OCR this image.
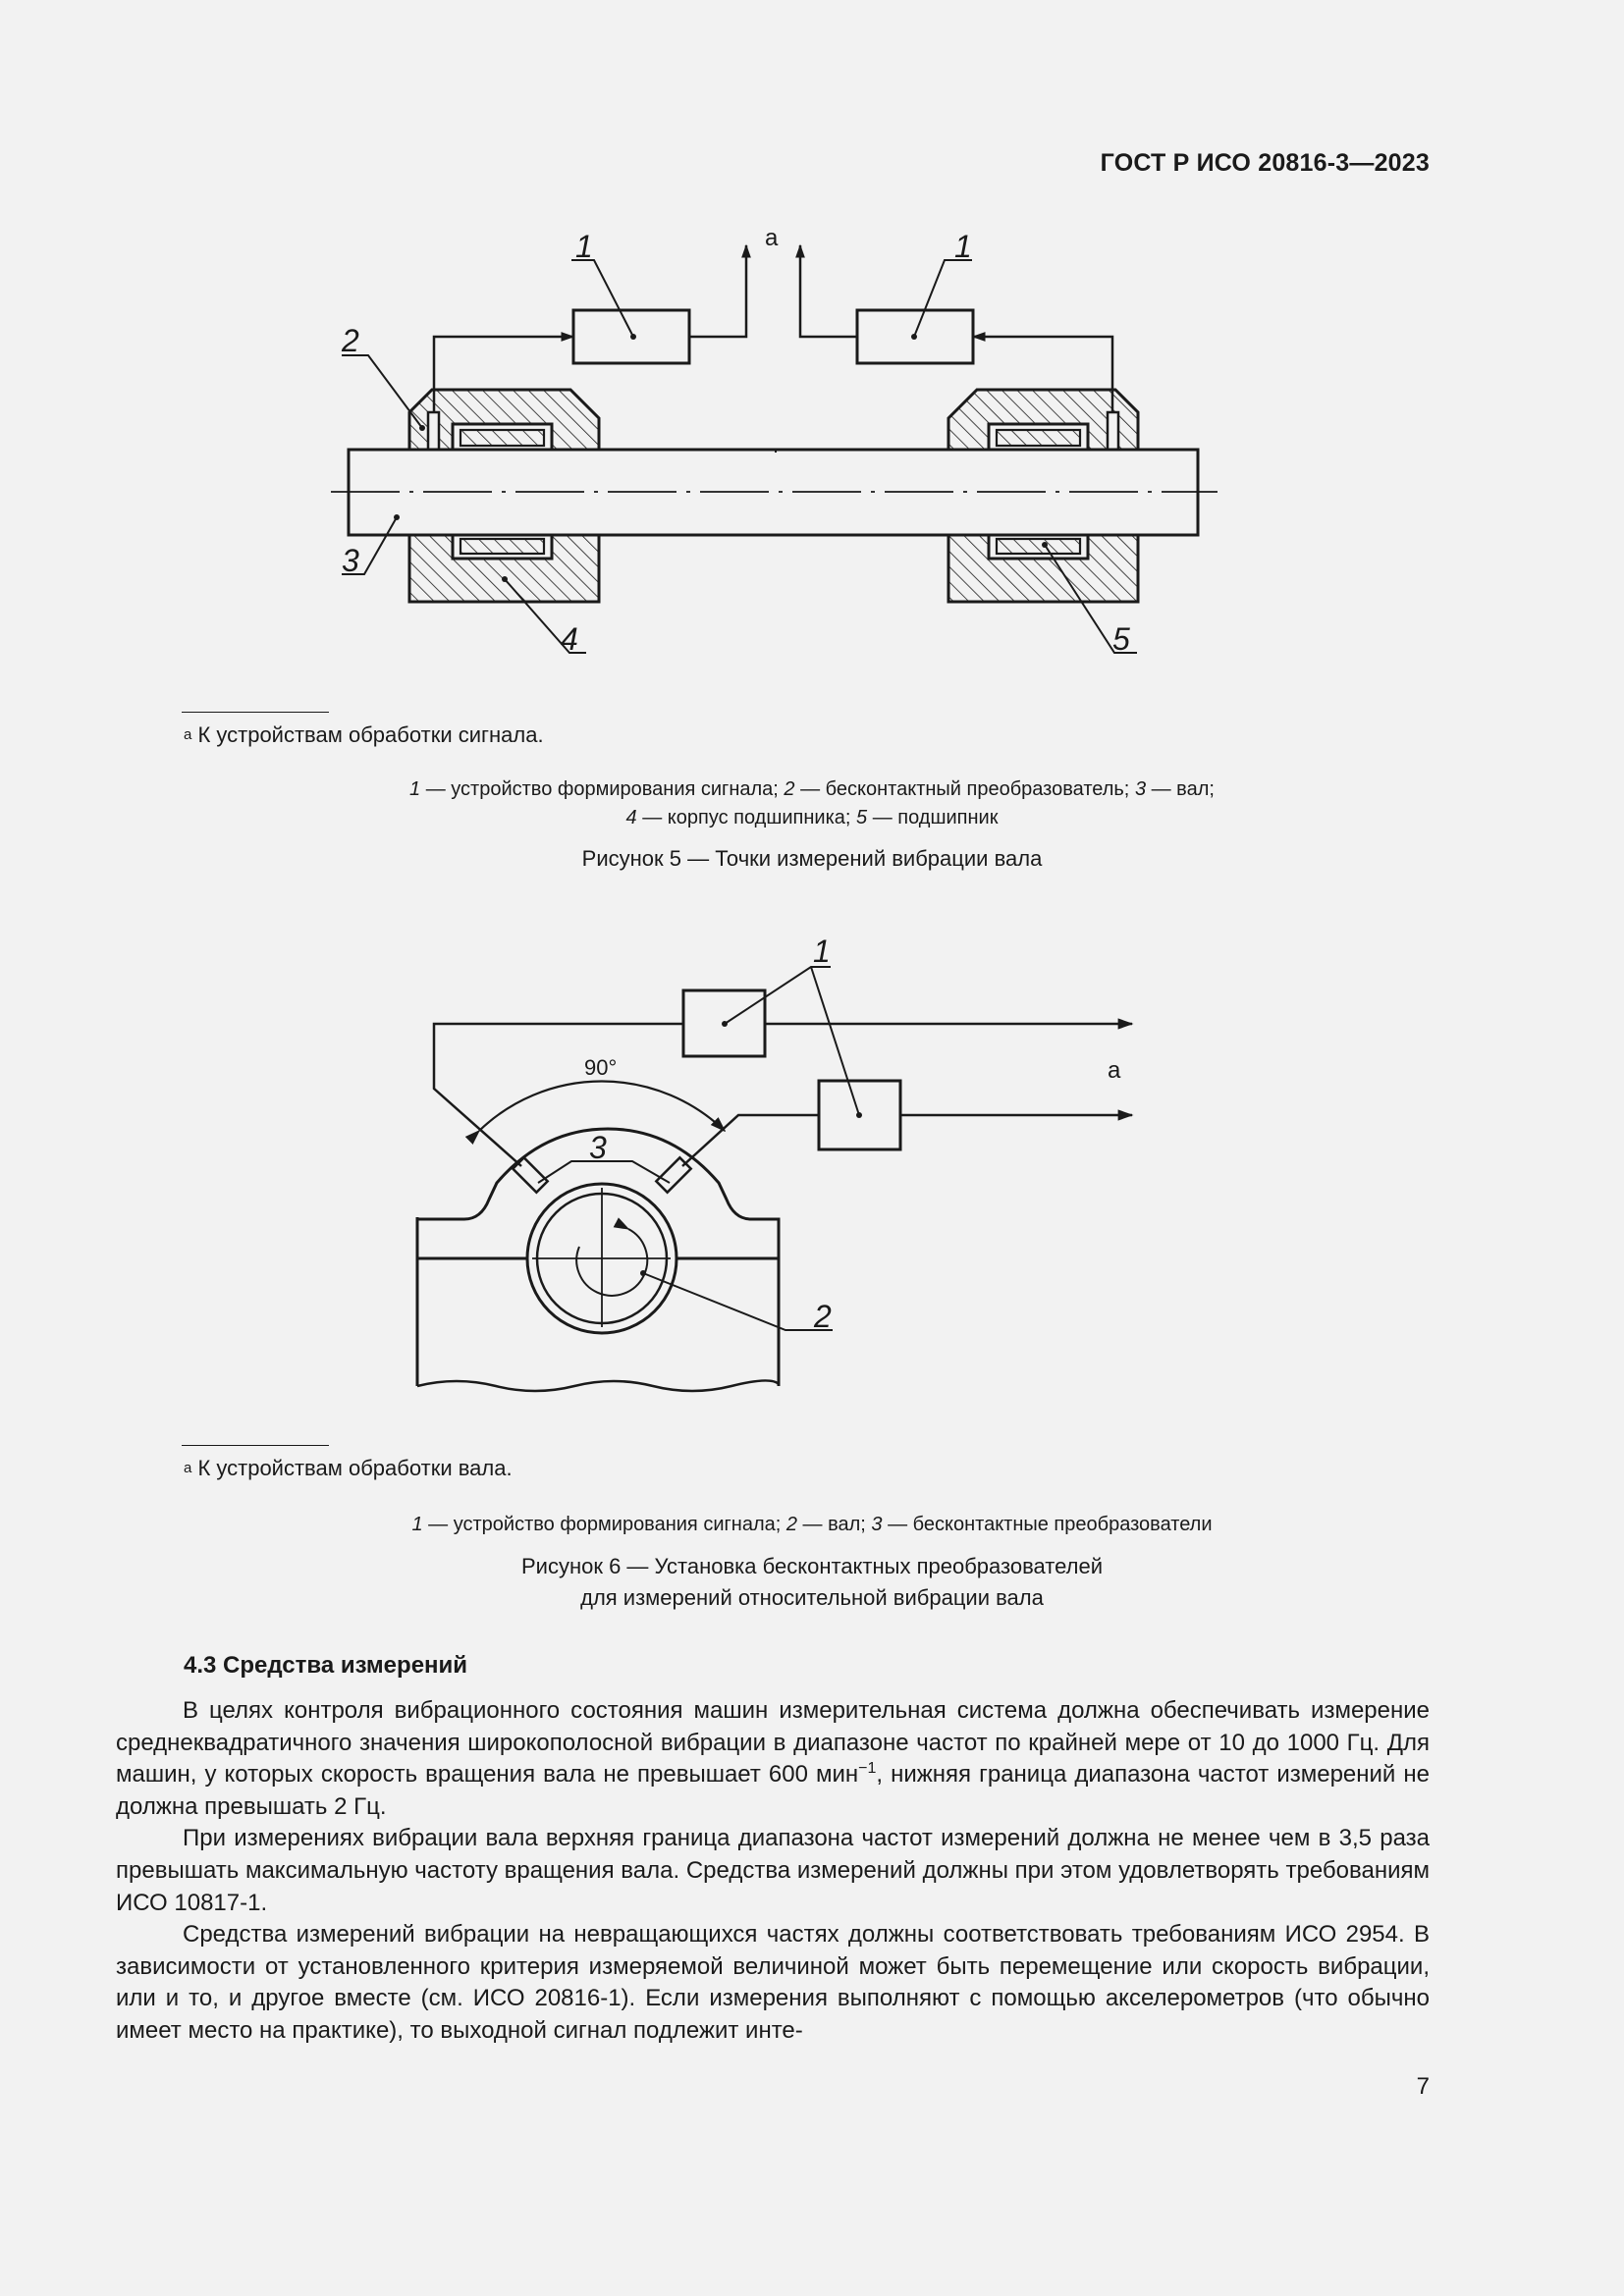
ГОСТ Р ИСО 20816-3—2023
1	1
2
3
4	5
a
$^a$ К устройствам обработки сигнала.
1 — устройство формирования сигнала; 2 — бесконтактный преобразователь; 3 — вал;
4 — корпус подшипника; 5 — подшипник
Рисунок 5 — Точки измерений вибрации вала
1
3
2
90°	a
$^a$ К устройствам обработки вала.
1 — устройство формирования сигнала; 2 — вал; 3 — бесконтактные преобразователи
Рисунок 6 — Установка бесконтактных преобразователей
для измерений относительной вибрации вала
4.3 Средства измерений

В целях контроля вибрационного состояния машин измерительная система должна обеспечивать измерение среднеквадратичного значения широкополосной вибрации в диапазоне частот по крайней мере от 10 до 1000 Гц. Для машин, у которых скорость вращения вала не превышает 600 мин$^{-1}$, нижняя граница диапазона частот измерений не должна превышать 2 Гц.

При измерениях вибрации вала верхняя граница диапазона частот измерений должна не менее чем в 3,5 раза превышать максимальную частоту вращения вала. Средства измерений должны при этом удовлетворять требованиям ИСО 10817-1.

Средства измерений вибрации на невращающихся частях должны соответствовать требованиям ИСО 2954. В зависимости от установленного критерия измеряемой величиной может быть перемещение или скорость вибрации, или и то, и другое вместе (см. ИСО 20816-1). Если измерения выполняют с помощью акселерометров (что обычно имеет место на практике), то выходной сигнал подлежит инте-

7
